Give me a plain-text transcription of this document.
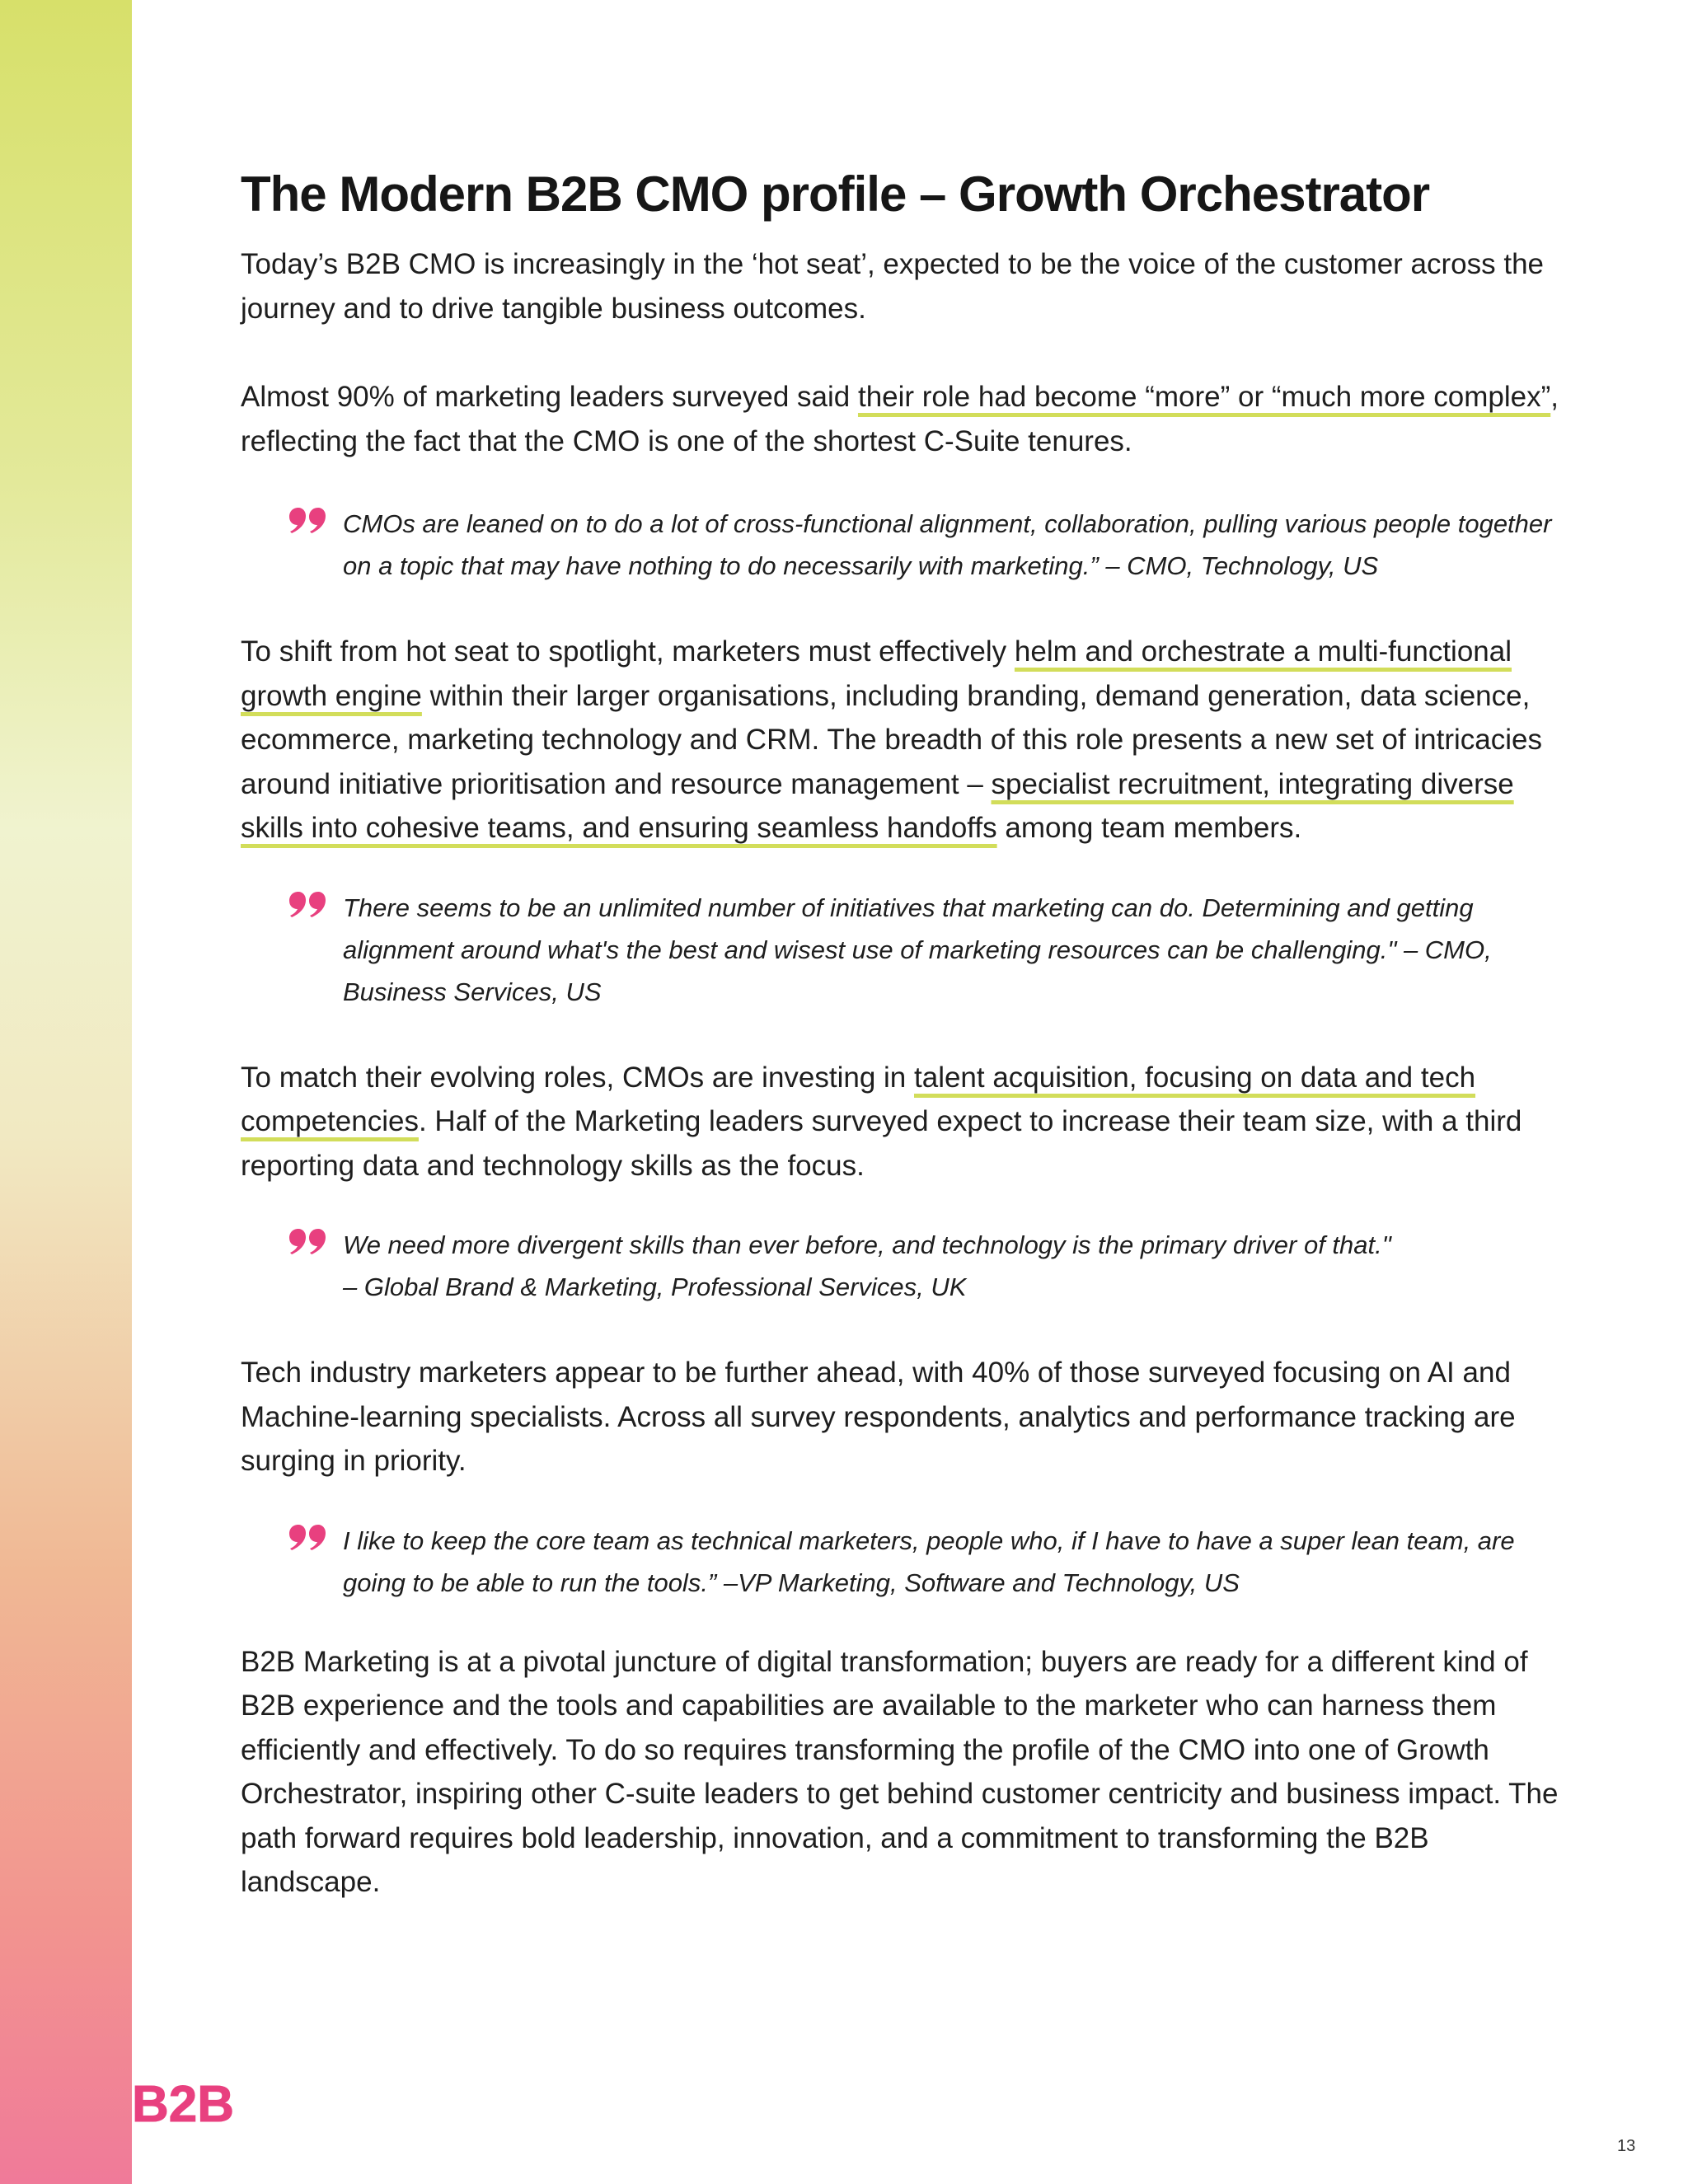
The Modern B2B CMO profile – Growth Orchestrator

Today’s B2B CMO is increasingly in the ‘hot seat’, expected to be the voice of the customer across the journey and to drive tangible business outcomes.

Almost 90% of marketing leaders surveyed said their role had become “more” or “much more complex”, reflecting the fact that the CMO is one of the shortest C-Suite tenures.

CMOs are leaned on to do a lot of cross-functional alignment, collaboration, pulling various people together on a topic that may have nothing to do necessarily with marketing.” – CMO, Technology, US

To shift from hot seat to spotlight, marketers must effectively helm and orchestrate a multi-functional growth engine within their larger organisations, including branding, demand generation, data science, ecommerce, marketing technology and CRM. The breadth of this role presents a new set of intricacies around initiative prioritisation and resource management – specialist recruitment, integrating diverse skills into cohesive teams, and ensuring seamless handoffs among team members.

There seems to be an unlimited number of initiatives that marketing can do. Determining and getting alignment around what's the best and wisest use of marketing resources can be challenging." – CMO, Business Services, US

To match their evolving roles, CMOs are investing in talent acquisition, focusing on data and tech competencies. Half of the Marketing leaders surveyed expect to increase their team size, with a third reporting data and technology skills as the focus.

We need more divergent skills than ever before, and technology is the primary driver of that."
– Global Brand & Marketing, Professional Services, UK

Tech industry marketers appear to be further ahead, with 40% of those surveyed focusing on AI and Machine-learning specialists. Across all survey respondents, analytics and performance tracking are surging in priority.

I like to keep the core team as technical marketers, people who, if I have to have a super lean team, are going to be able to run the tools.” –VP Marketing, Software and Technology, US

B2B Marketing is at a pivotal juncture of digital transformation; buyers are ready for a different kind of B2B experience and the tools and capabilities are available to the marketer who can harness them efficiently and effectively. To do so requires transforming the profile of the CMO into one of Growth Orchestrator, inspiring other C-suite leaders to get behind customer centricity and business impact. The path forward requires bold leadership, innovation, and a commitment to transforming the B2B landscape.

B2B
13
